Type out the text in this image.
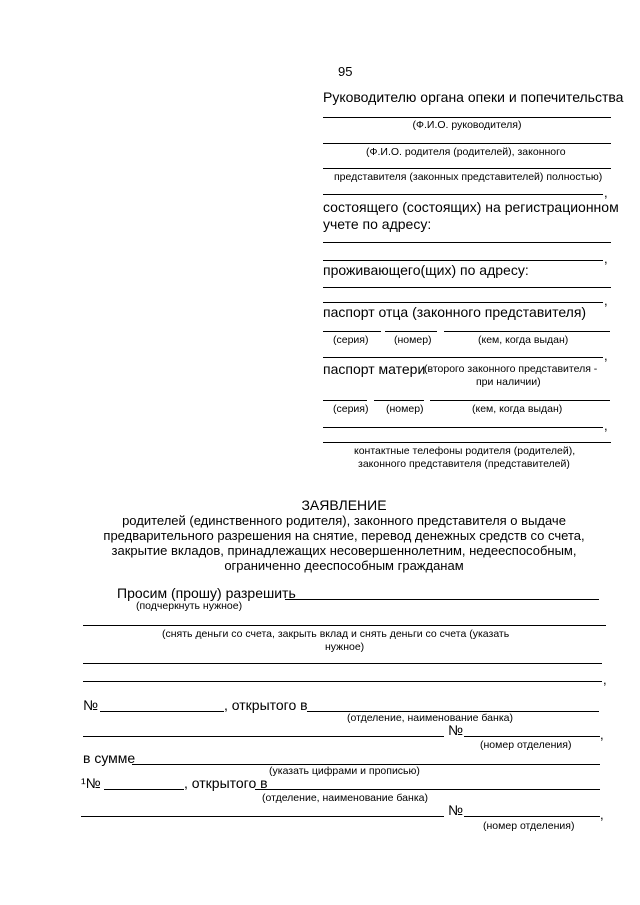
95
Руководителю органа опеки и попечительства
(Ф.И.О. руководителя)
(Ф.И.О. родителя (родителей), законного
представителя (законных представителей) полностью)
,
состоящего (состоящих) на регистрационном
учете по адресу:
,
проживающего(щих) по адресу:
,
паспорт отца (законного представителя)
(серия) (номер)	(кем, когда выдан)
,
паспорт матери
(второго законного представителя -
при наличии)
(серия) (номер)	(кем, когда выдан)
,
контактные телефоны родителя (родителей),
законного представителя (представителей)
ЗАЯВЛЕНИЕ
родителей (единственного родителя), законного представителя о выдаче
предварительного разрешения на снятие, перевод денежных средств со счета,
закрытие вкладов, принадлежащих несовершеннолетним, недееспособным,
ограниченно дееспособным гражданам
Просим (прошу) разрешить
(подчеркнуть нужное)
(снять деньги со счета, закрыть вклад и снять деньги со счета (указать
нужное)
,
№	, открытого в
(отделение, наименование банка)
№	,
(номер отделения)
в сумме
(указать цифрами и прописью)
¹№	, открытого в
(отделение, наименование банка)
№	,
(номер отделения)
